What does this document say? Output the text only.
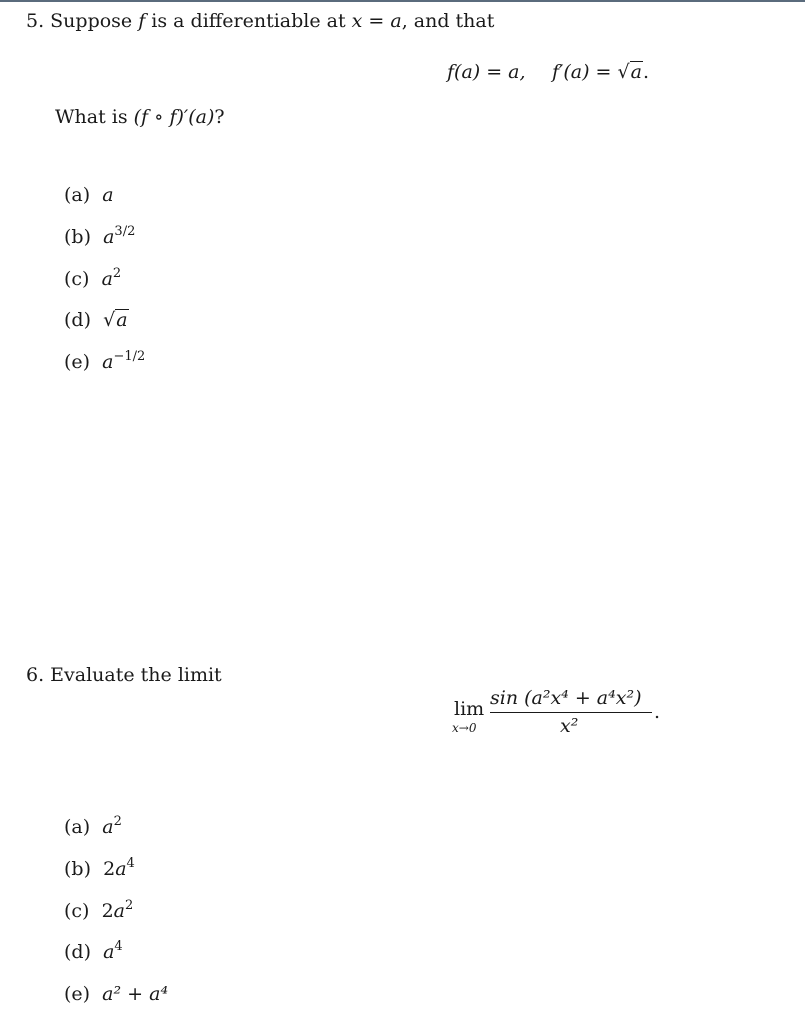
5. Suppose f is a differentiable at x = a, and that
f(a) = a, f′(a) = √a.
What is (f ∘ f)′(a)?
(a) a
(b) $a^{3/2}$
(c) $a^2$
(d) √a
(e) $a^{-1/2}$
6. Evaluate the limit
lim
x→0
sin (a²x⁴ + a⁴x²)
x²
.
(a) $a^2$
(b) $2a^4$
(c) $2a^2$
(d) $a^4$
(e) a² + a⁴
